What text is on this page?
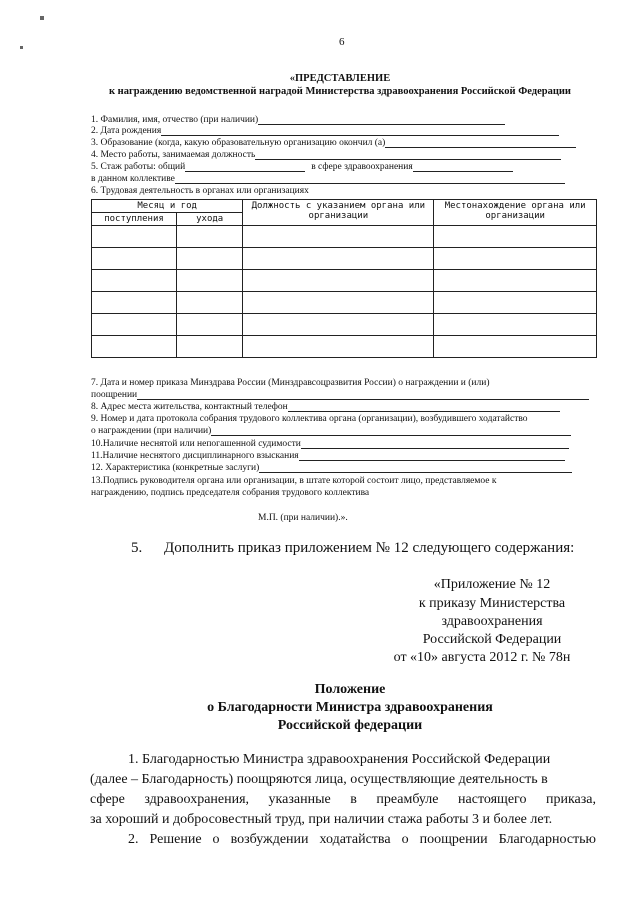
6
«ПРЕДСТАВЛЕНИЕ
к награждению ведомственной наградой Министерства здравоохранения Российской Федерации
1. Фамилия, имя, отчество (при наличии)
2. Дата рождения
3. Образование (когда, какую образовательную организацию окончил (а)
4. Место работы, занимаемая должность
5. Стаж работы: общий	в сфере здравоохранения
в данном коллективе
6. Трудовая деятельность в органах или организациях
Месяц и год		Должность с указанием органа или организации	Местонахождение органа или организации
поступления	ухода		

7. Дата и номер приказа Минздрава России (Минздравсоцразвития России) о награждении и (или)
поощрении
8. Адрес места жительства, контактный телефон
9. Номер и дата протокола собрания трудового коллектива органа (организации), возбудившего ходатайство
о награждении (при наличии)
10.Наличие неснятой или непогашенной судимости
11.Наличие неснятого дисциплинарного взыскания
12. Характеристика (конкретные заслуги)
13.Подпись руководителя органа или организации, в штате которой состоит лицо, представляемое к
награждению, подпись председателя собрания трудового коллектива
М.П. (при наличии).».
5. Дополнить приказ приложением № 12 следующего содержания:
«Приложение № 12
к приказу Министерства
здравоохранения
Российской Федерации
от «10» августа 2012 г. № 78н
Положение
о Благодарности Министра здравоохранения
Российской федерации
1. Благодарностью Министра здравоохранения Российской Федерации
(далее – Благодарность) поощряются лица, осуществляющие деятельность в
сфере здравоохранения, указанные в преамбуле настоящего приказа,
за хороший и добросовестный труд, при наличии стажа работы 3 и более лет.
2. Решение о возбуждении ходатайства о поощрении Благодарностью
